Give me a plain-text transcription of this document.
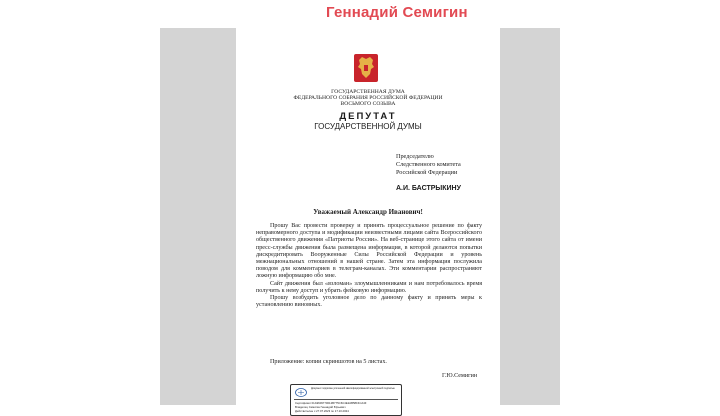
Геннадий Семигин
ГОСУДАРСТВЕННАЯ ДУМА
ФЕДЕРАЛЬНОГО СОБРАНИЯ РОССИЙСКОЙ ФЕДЕРАЦИИ
ВОСЬМОГО СОЗЫВА
ДЕПУТАТ
ГОСУДАРСТВЕННОЙ ДУМЫ
Председателю
Следственного комитета
Российской Федерации
А.И. БАСТРЫКИНУ
Уважаемый Александр Иванович!

Прошу Вас провести проверку и принять процессуальное решение по факту неправомерного доступа и модификации неизвестными лицами сайта Всероссийского общественного движения «Патриоты России». На веб-странице этого сайта от имени пресс-службы движения была размещена информация, в которой делаются попытки дискредитировать Вооруженные Силы Российской Федерации и уровень межнациональных отношений в нашей стране. Затем эта информация послужила поводом для комментариев в телеграм-каналах. Эти комментарии распространяют ложную информацию обо мне.

Сайт движения был «взломан» злоумышленниками и нам потребовалось время получить к нему доступ и убрать фейковую информацию.

Прошу возбудить уголовное дело по данному факту и принять меры к установлению виновных.

Приложение: копии скриншотов на 5 листах.
Г.Ю.Семигин
Документ подписан усиленной квалифицированной электронной подписью
Сертификат 01A9609770012B775C6C4E2AB58F4CA4F
Владелец Семигин Геннадий Юрьевич
Действителен с 27.07.2023 по 17.10.2024
